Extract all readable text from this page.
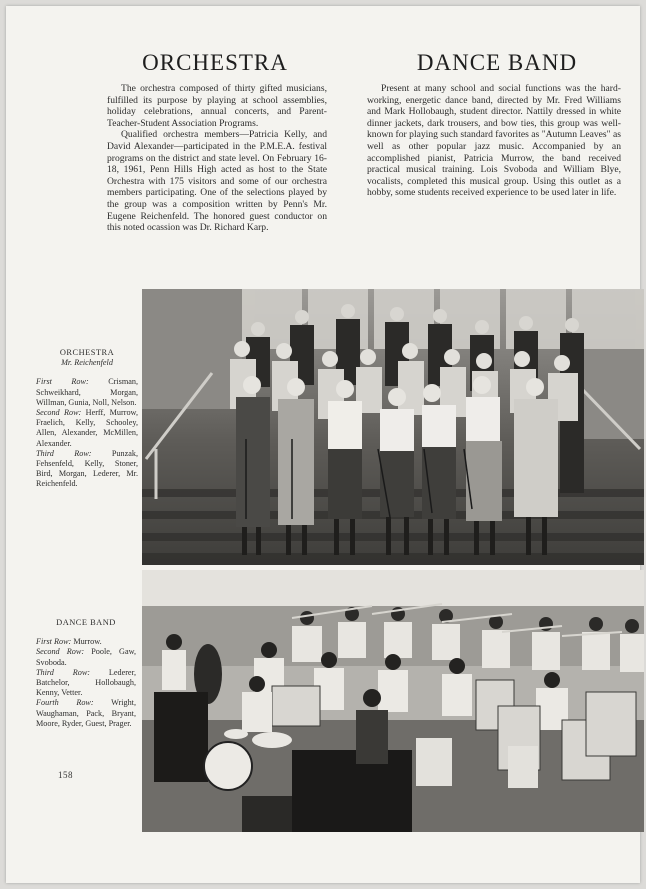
ORCHESTRA

The orchestra composed of thirty gifted musicians, fulfilled its purpose by playing at school assemblies, holiday celebrations, annual concerts, and Parent-Teacher-Student Association Programs.

Qualified orchestra members—Patricia Kelly, and David Alexander—participated in the P.M.E.A. festival programs on the district and state level. On February 16-18, 1961, Penn Hills High acted as host to the State Orchestra with 175 visitors and some of our orchestra members participating. One of the selections played by the group was a composition written by Penn's Mr. Eugene Reichenfeld. The honored guest conductor on this noted ocassion was Dr. Richard Karp.

DANCE BAND

Present at many school and social functions was the hard-working, energetic dance band, directed by Mr. Fred Williams and Mark Hollobaugh, student director. Nattily dressed in white dinner jackets, dark trousers, and bow ties, this group was well-known for playing such standard favorites as "Autumn Leaves" as well as other popular jazz music. Accompanied by an accomplished pianist, Patricia Murrow, the band received practical musical training. Lois Svoboda and William Blye, vocalists, completed this musical group. Using this outlet as a hobby, some students received experience to be used later in life.

ORCHESTRA
Mr. Reichenfeld
First Row: Crisman, Schweikhard, Morgan, Willman, Gunia, Noll, Nelson.
Second Row: Herff, Murrow, Fraelich, Kelly, Schooley, Allen, Alexander, McMillen, Alexander.
Third Row: Punzak, Fehsenfeld, Kelly, Stoner, Bird, Morgan, Lederer, Mr. Reichenfeld.
DANCE BAND
First Row: Murrow.
Second Row: Poole, Gaw, Svoboda.
Third Row: Lederer, Batchelor, Hollobaugh, Kenny, Vetter.
Fourth Row: Wright, Waughaman, Pack, Bryant, Moore, Ryder, Guest, Prager.
158
